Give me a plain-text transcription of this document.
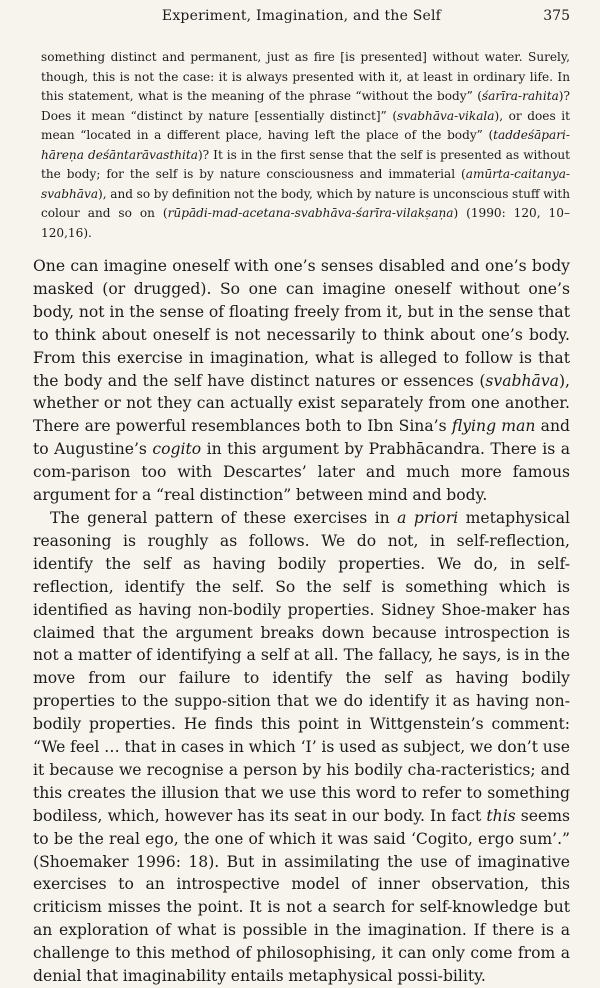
Experiment, Imagination, and the Self	375
something distinct and permanent, just as fire [is presented] without water. Surely, though, this is not the case: it is always presented with it, at least in ordinary life. In this statement, what is the meaning of the phrase “without the body” (śarīra-rahita)? Does it mean “distinct by nature [essentially distinct]” (svabhāva-vikala), or does it mean “located in a different place, having left the place of the body” (taddeśāpari-hāreṇa deśāntarāvasthita)? It is in the first sense that the self is presented as without the body; for the self is by nature consciousness and immaterial (amūrta-caitanya-svabhāva), and so by definition not the body, which by nature is unconscious stuff with colour and so on (rūpādi-mad-acetana-svabhāva-śarīra-vilakṣaṇa) (1990: 120, 10–120,16).

One can imagine oneself with one’s senses disabled and one’s body masked (or drugged). So one can imagine oneself without one’s body, not in the sense of floating freely from it, but in the sense that to think about oneself is not necessarily to think about one’s body. From this exercise in imagination, what is alleged to follow is that the body and the self have distinct natures or essences (svabhāva), whether or not they can actually exist separately from one another. There are powerful resemblances both to Ibn Sina’s flying man and to Augustine’s cogito in this argument by Prabhācandra. There is a com-parison too with Descartes’ later and much more famous argument for a “real distinction” between mind and body.

The general pattern of these exercises in a priori metaphysical reasoning is roughly as follows. We do not, in self-reflection, identify the self as having bodily properties. We do, in self-reflection, identify the self. So the self is something which is identified as having non-bodily properties. Sidney Shoe-maker has claimed that the argument breaks down because introspection is not a matter of identifying a self at all. The fallacy, he says, is in the move from our failure to identify the self as having bodily properties to the suppo-sition that we do identify it as having non-bodily properties. He finds this point in Wittgenstein’s comment: “We feel … that in cases in which ‘I’ is used as subject, we don’t use it because we recognise a person by his bodily cha-racteristics; and this creates the illusion that we use this word to refer to something bodiless, which, however has its seat in our body. In fact this seems to be the real ego, the one of which it was said ‘Cogito, ergo sum’.” (Shoemaker 1996: 18). But in assimilating the use of imaginative exercises to an introspective model of inner observation, this criticism misses the point. It is not a search for self-knowledge but an exploration of what is possible in the imagination. If there is a challenge to this method of philosophising, it can only come from a denial that imaginability entails metaphysical possi-bility.
